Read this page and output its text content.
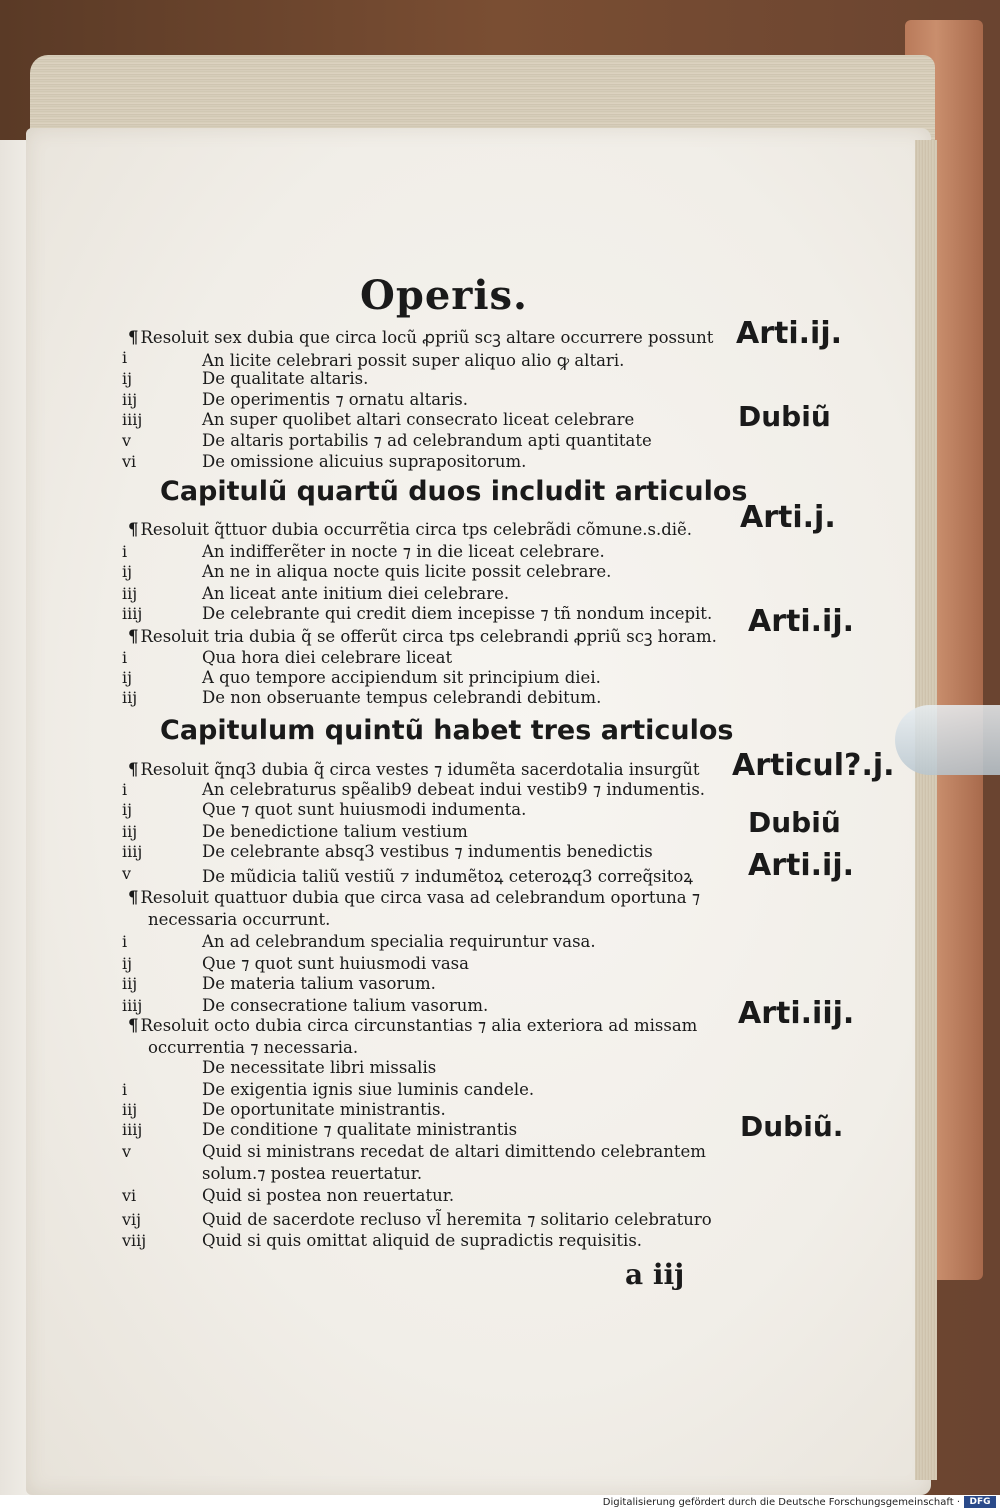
Operis.
Arti.ij.
Dubiũ
Capitulũ quartũ duos includit articulos
Arti.j.
Arti.ij.
Capitulum quintũ habet tres articulos
Articul?.j.
Dubiũ
Arti.ij.
Arti.iij.
Dubiũ.
¶ Resoluit sex dubia que circa locũ ꝓpriũ scꝫ altare occurrere possunt
i	An licite celebrari possit super aliquo alio ꝙ altari.
ij	De qualitate altaris.
iij	De operimentis ⁊ ornatu altaris.
iiij	An super quolibet altari consecrato liceat celebrare
v	De altaris portabilis ⁊ ad celebrandum apti quantitate
vi	De omissione alicuius suprapositorum.
¶ Resoluit q̃ttuor dubia occurrẽtia circa tps celebrãdi cõmune.s.diẽ.
i	An indifferẽter in nocte ⁊ in die liceat celebrare.
ij	An ne in aliqua nocte quis licite possit celebrare.
iij	An liceat ante initium diei celebrare.
iiij	De celebrante qui credit diem incepisse ⁊ tñ nondum incepit.
¶ Resoluit tria dubia q̃ se offerũt circa tps celebrandi ꝓpriũ scꝫ horam.
i	Qua hora diei celebrare liceat
ij	A quo tempore accipiendum sit principium diei.
iij	De non obseruante tempus celebrandi debitum.
¶ Resoluit q̃nq3 dubia q̃ circa vestes ⁊ idumẽta sacerdotalia insurgũt
i	An celebraturus spẽalib9 debeat indui vestib9 ⁊ indumentis.
ij	Que ⁊ quot sunt huiusmodi indumenta.
iij	De benedictione talium vestium
iiij	De celebrante absq3 vestibus ⁊ indumentis benedictis
v	De mũdicia taliũ vestiũ ⁊ indumẽtoꝝ ceteroꝝq3 correq̃sitoꝝ
¶ Resoluit quattuor dubia que circa vasa ad celebrandum oportuna ⁊
necessaria occurrunt.
i	An ad celebrandum specialia requiruntur vasa.
ij	Que ⁊ quot sunt huiusmodi vasa
iij	De materia talium vasorum.
iiij	De consecratione talium vasorum.
¶ Resoluit octo dubia circa circunstantias ⁊ alia exteriora ad missam
occurrentia ⁊ necessaria.
De necessitate libri missalis
i	De exigentia ignis siue luminis candele.
iij	De oportunitate ministrantis.
iiij	De conditione ⁊ qualitate ministrantis
v	Quid si ministrans recedat de altari dimittendo celebrantem
solum.⁊ postea reuertatur.
vi	Quid si postea non reuertatur.
vij	Quid de sacerdote recluso vl̃ heremita ⁊ solitario celebraturo
viij	Quid si quis omittat aliquid de supradictis requisitis.
a iij
Digitalisierung gefördert durch die Deutsche Forschungsgemeinschaft ·	DFG
